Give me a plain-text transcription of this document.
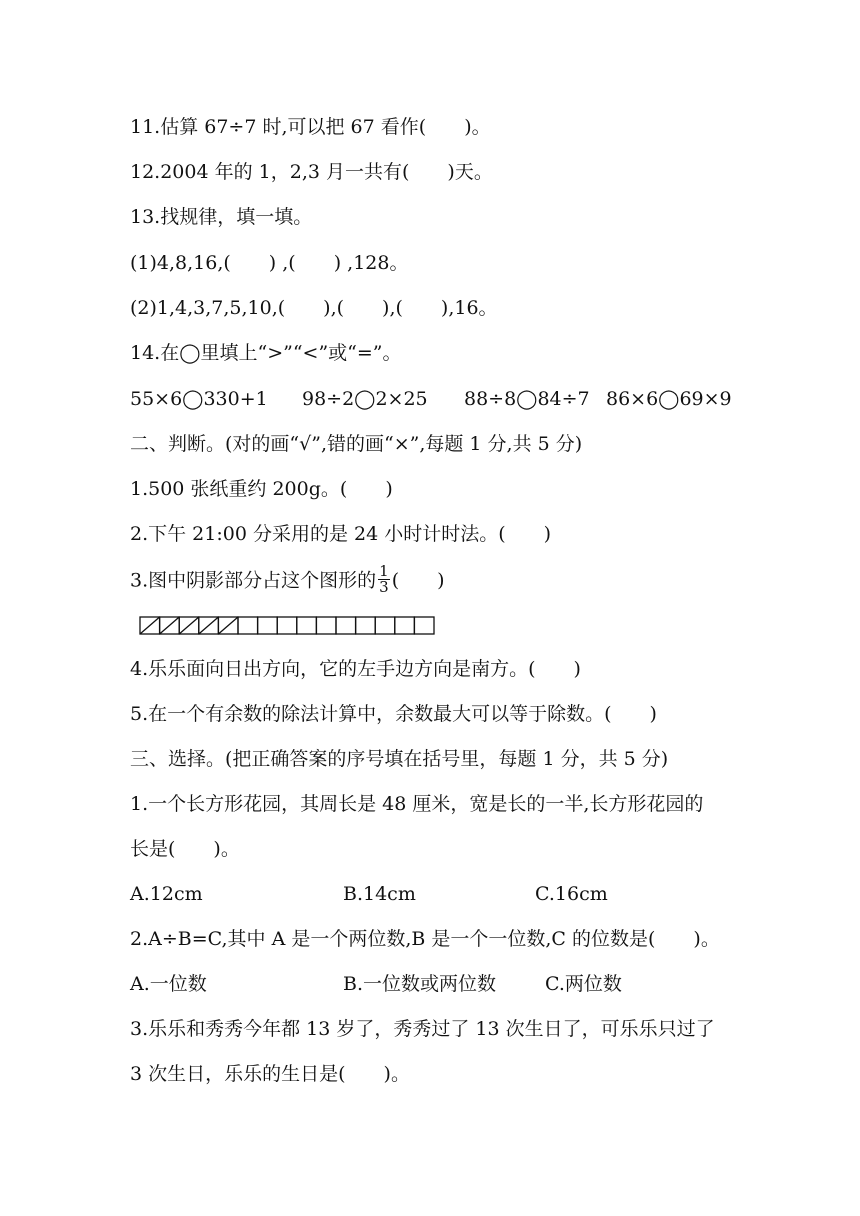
11.估算 67÷7 时,可以把 67 看作(　　)。
12.2004 年的 1，2,3 月一共有(　　)天。
13.找规律，填一填。
(1)4,8,16,(　　) ,(　　) ,128。
(2)1,4,3,7,5,10,(　　),(　　),(　　),16。
14.在◯里填上“>”“<”或“=”。
55×6◯330+1 98÷2◯2×25 88÷8◯84÷7 86×6◯69×9
二、判断。(对的画“√”,错的画“×”,每题 1 分,共 5 分)
1.500 张纸重约 200g。(　　)
2.下午 21:00 分采用的是 24 小时计时法。(　　)
3.图中阴影部分占这个图形的 $\frac{1}{3}$ (　　)
4.乐乐面向日出方向，它的左手边方向是南方。(　　)
5.在一个有余数的除法计算中，余数最大可以等于除数。(　　)
三、选择。(把正确答案的序号填在括号里，每题 1 分，共 5 分)
1.一个长方形花园，其周长是 48 厘米，宽是长的一半,长方形花园的
长是(　　)。
A.12cm	B.14cm	C.16cm
2.A÷B=C,其中 A 是一个两位数,B 是一个一位数,C 的位数是(　　)。
A.一位数	B.一位数或两位数	C.两位数
3.乐乐和秀秀今年都 13 岁了，秀秀过了 13 次生日了，可乐乐只过了
3 次生日，乐乐的生日是(　　)。
